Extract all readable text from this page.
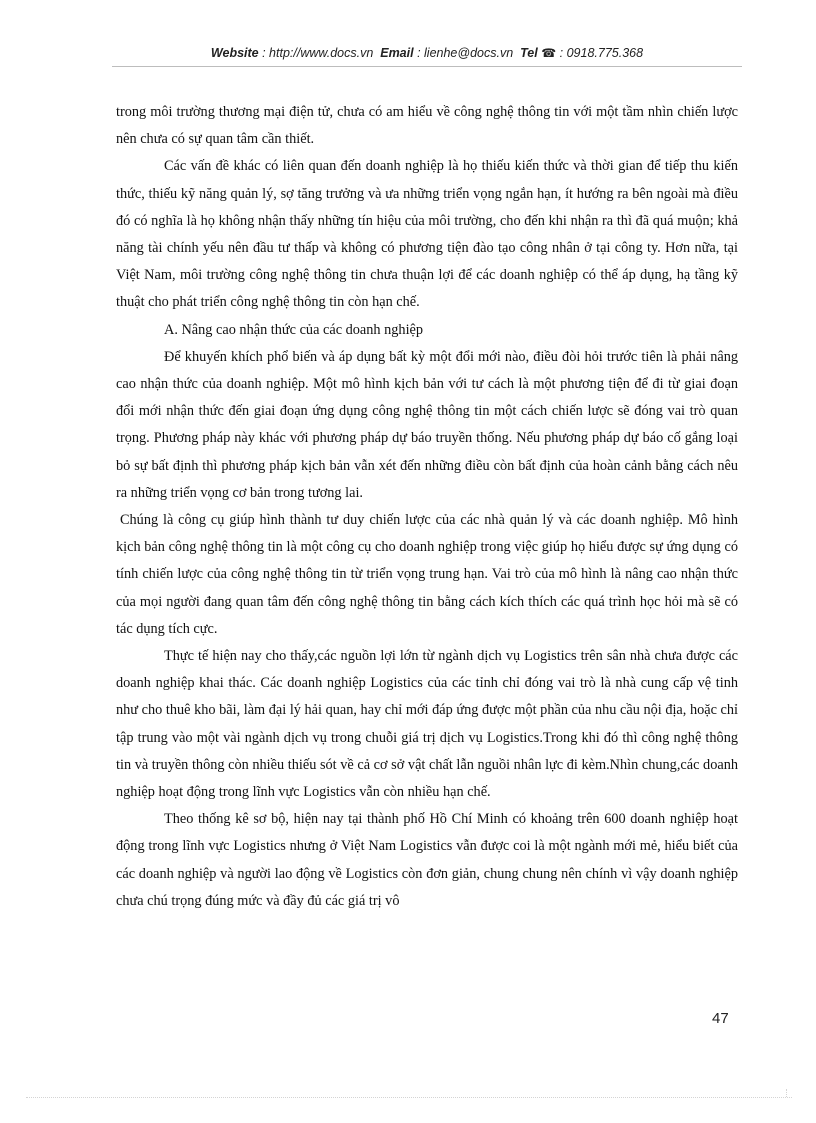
Website : http://www.docs.vn Email : lienhe@docs.vn Tel ☎ : 0918.775.368

trong môi trường thương mại điện tử, chưa có am hiểu về công nghệ thông tin với một tầm nhìn chiến lược nên chưa có sự quan tâm cần thiết.

Các vấn đề khác có liên quan đến doanh nghiệp là họ thiếu kiến thức và thời gian để tiếp thu kiến thức, thiếu kỹ năng quản lý, sợ tăng trưởng và ưa những triển vọng ngắn hạn, ít hướng ra bên ngoài mà điều đó có nghĩa là họ không nhận thấy những tín hiệu của môi trường, cho đến khi nhận ra thì đã quá muộn; khả năng tài chính yếu nên đầu tư thấp và không có phương tiện đào tạo công nhân ở tại công ty. Hơn nữa, tại Việt Nam, môi trường công nghệ thông tin chưa thuận lợi để các doanh nghiệp có thể áp dụng, hạ tầng kỹ thuật cho phát triển công nghệ thông tin còn hạn chế.

A. Nâng cao nhận thức của các doanh nghiệp

Để khuyến khích phổ biến và áp dụng bất kỳ một đổi mới nào, điều đòi hỏi trước tiên là phải nâng cao nhận thức của doanh nghiệp. Một mô hình kịch bản với tư cách là một phương tiện để đi từ giai đoạn đổi mới nhận thức đến giai đoạn ứng dụng công nghệ thông tin một cách chiến lược sẽ đóng vai trò quan trọng. Phương pháp này khác với phương pháp dự báo truyền thống. Nếu phương pháp dự báo cố gắng loại bỏ sự bất định thì phương pháp kịch bản vẫn xét đến những điều còn bất định của hoàn cảnh bằng cách nêu ra những triển vọng cơ bản trong tương lai.

Chúng là công cụ giúp hình thành tư duy chiến lược của các nhà quản lý và các doanh nghiệp. Mô hình kịch bản công nghệ thông tin là một công cụ cho doanh nghiệp trong việc giúp họ hiểu được sự ứng dụng có tính chiến lược của công nghệ thông tin từ triển vọng trung hạn. Vai trò của mô hình là nâng cao nhận thức của mọi người đang quan tâm đến công nghệ thông tin bằng cách kích thích các quá trình học hỏi mà sẽ có tác dụng tích cực.

Thực tế hiện nay cho thấy,các nguồn lợi lớn từ ngành dịch vụ Logistics trên sân nhà chưa được các doanh nghiệp khai thác. Các doanh nghiệp Logistics của các tỉnh chỉ đóng vai trò là nhà cung cấp vệ tinh như cho thuê kho bãi, làm đại lý hải quan, hay chỉ mới đáp ứng được một phần của nhu cầu nội địa, hoặc chỉ tập trung vào một vài ngành dịch vụ trong chuỗi giá trị dịch vụ Logistics.Trong khi đó thì công nghệ thông tin và truyền thông còn nhiều thiếu sót về cả cơ sở vật chất lẫn nguồi nhân lực đi kèm.Nhìn chung,các doanh nghiệp hoạt động trong lĩnh vực Logistics vẫn còn nhiều hạn chế.

Theo thống kê sơ bộ, hiện nay tại thành phố Hồ Chí Minh có khoảng trên 600 doanh nghiệp hoạt động trong lĩnh vực Logistics nhưng ở Việt Nam Logistics vẫn được coi là một ngành mới mẻ, hiểu biết của các doanh nghiệp và người lao động về Logistics còn đơn giản, chung chung nên chính vì vậy doanh nghiệp chưa chú trọng đúng mức và đầy đủ các giá trị vô

47
